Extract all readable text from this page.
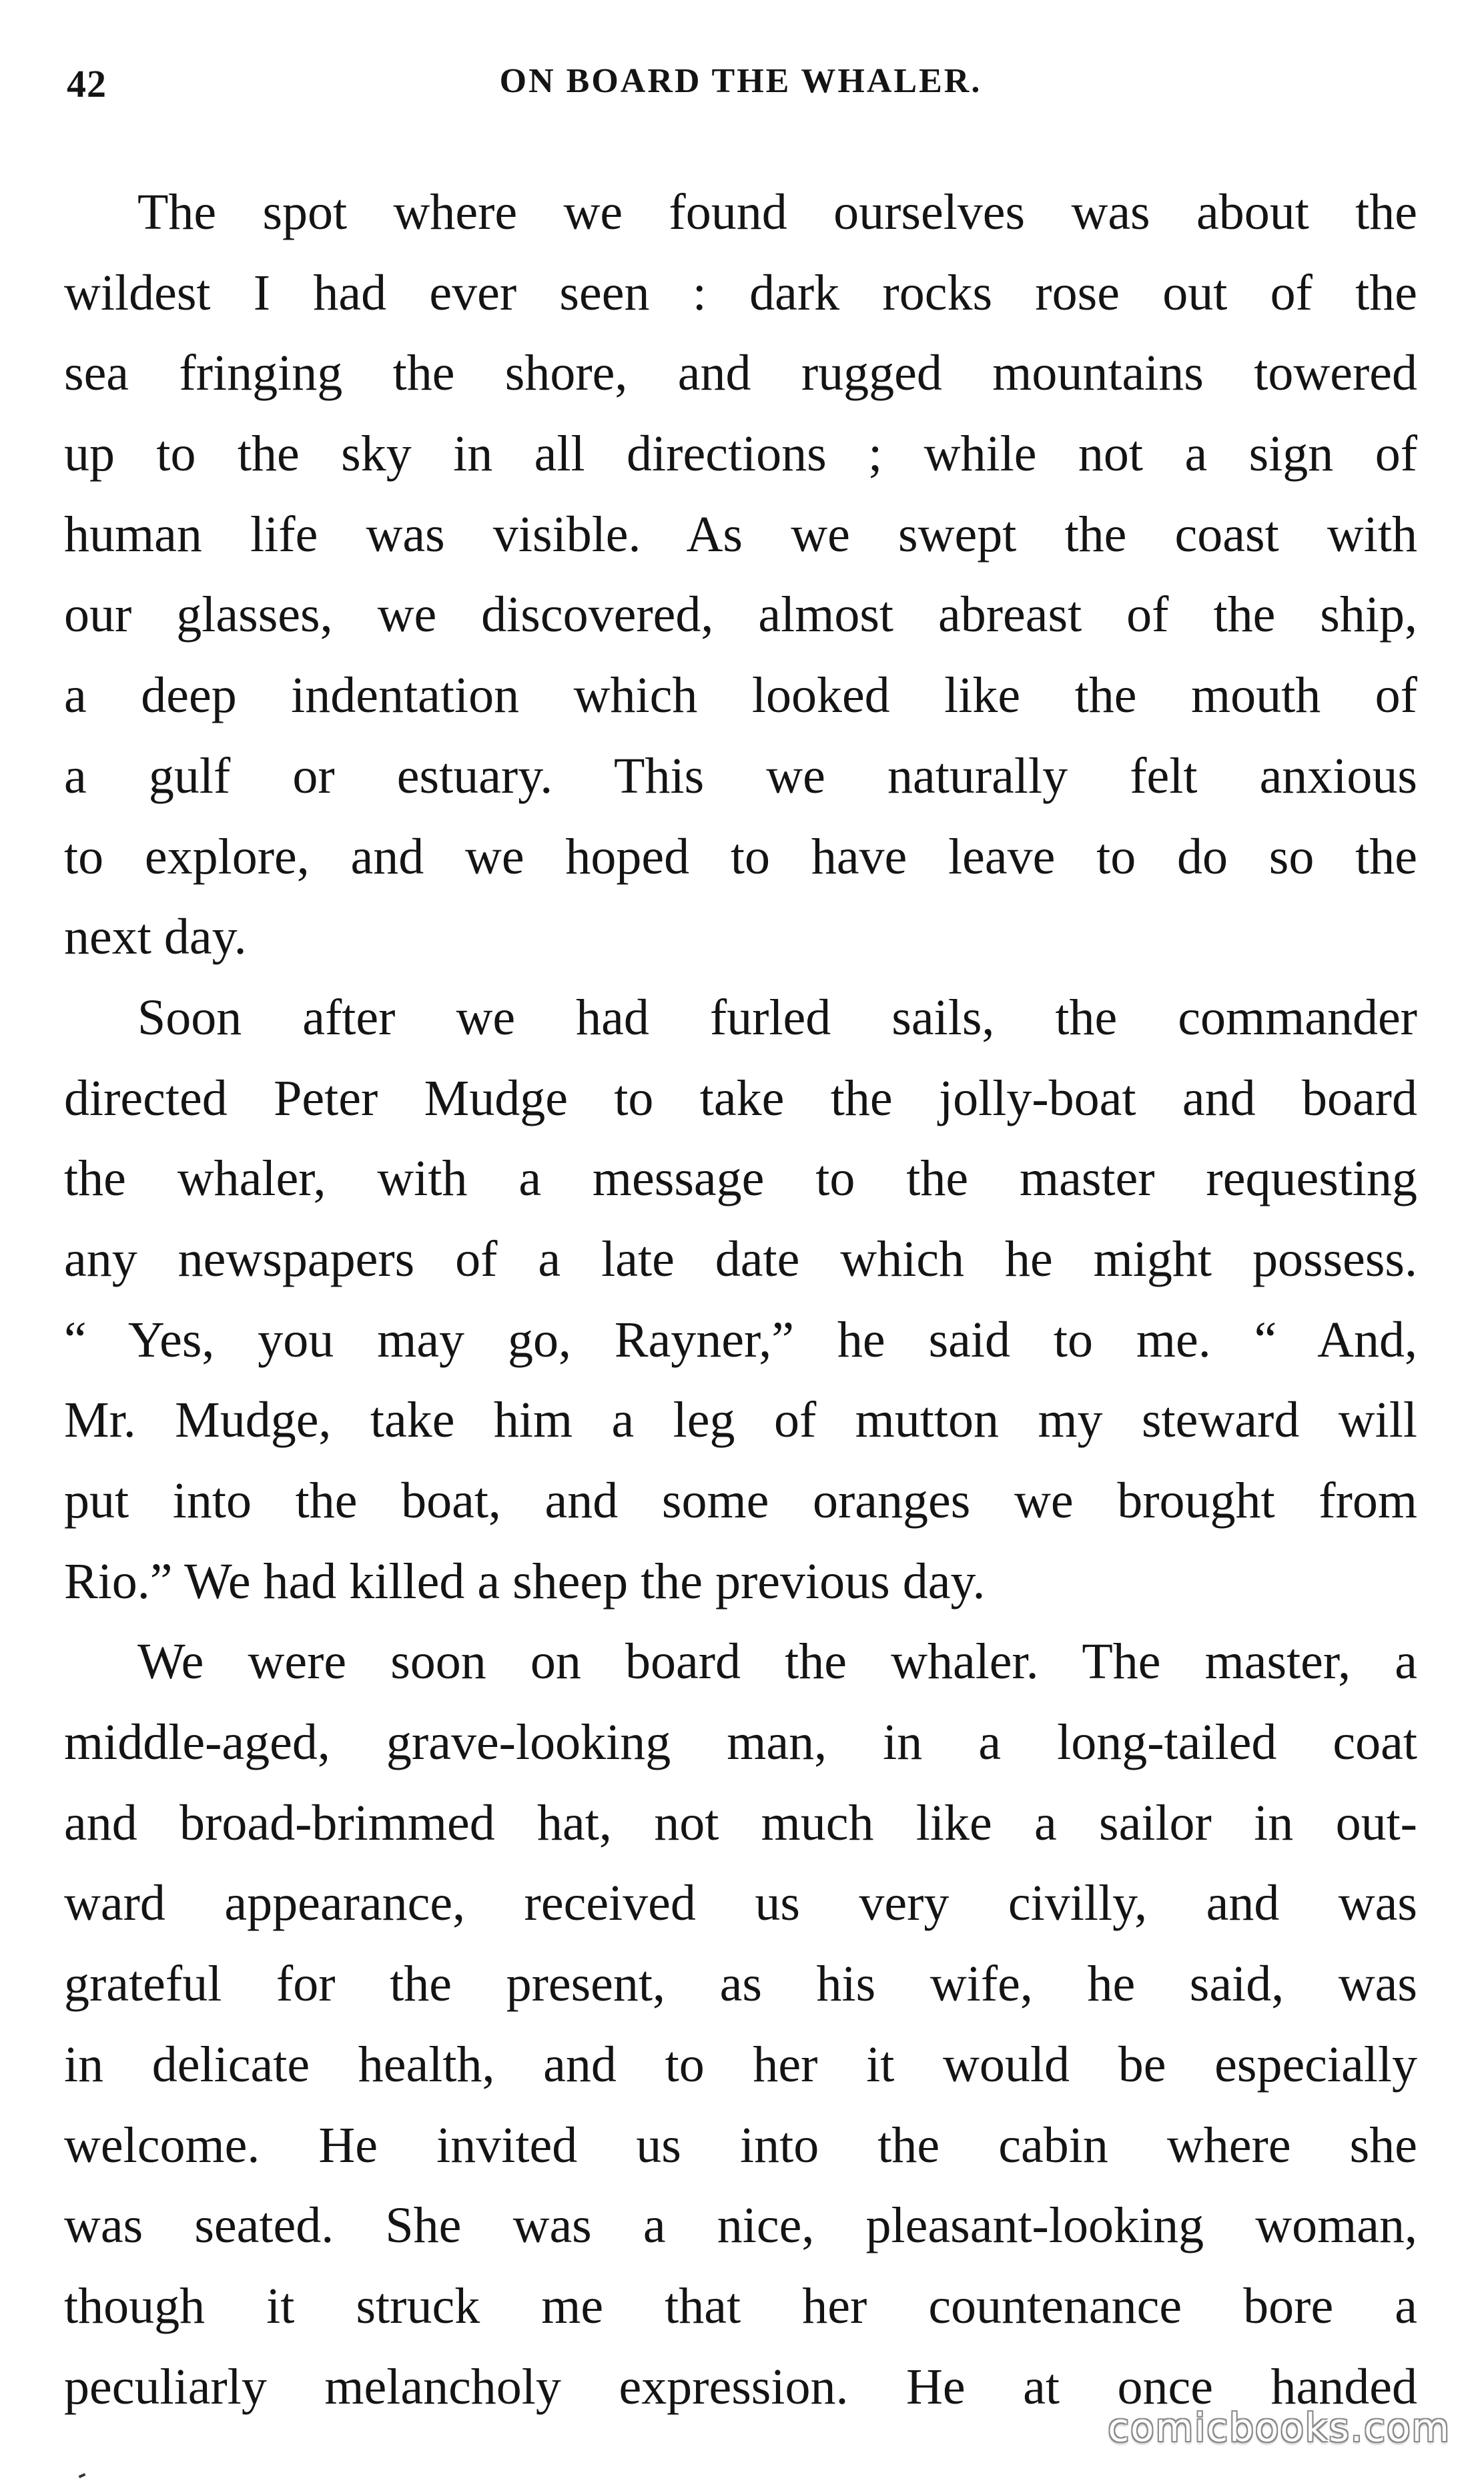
42	ON BOARD THE WHALER.
The spot where we found ourselves was about the
wildest I had ever seen : dark rocks rose out of the
sea fringing the shore, and rugged mountains towered
up to the sky in all directions ; while not a sign of
human life was visible. As we swept the coast with
our glasses, we discovered, almost abreast of the ship,
a deep indentation which looked like the mouth of
a gulf or estuary. This we naturally felt anxious
to explore, and we hoped to have leave to do so the
next day.
Soon after we had furled sails, the commander
directed Peter Mudge to take the jolly-boat and board
the whaler, with a message to the master requesting
any newspapers of a late date which he might possess.
“ Yes, you may go, Rayner,” he said to me. “ And,
Mr. Mudge, take him a leg of mutton my steward will
put into the boat, and some oranges we brought from
Rio.” We had killed a sheep the previous day.
We were soon on board the whaler. The master, a
middle-aged, grave-looking man, in a long-tailed coat
and broad-brimmed hat, not much like a sailor in out-
ward appearance, received us very civilly, and was
grateful for the present, as his wife, he said, was
in delicate health, and to her it would be especially
welcome. He invited us into the cabin where she
was seated. She was a nice, pleasant-looking woman,
though it struck me that her countenance bore a
peculiarly melancholy expression. He at once handed
comicbooks.com
